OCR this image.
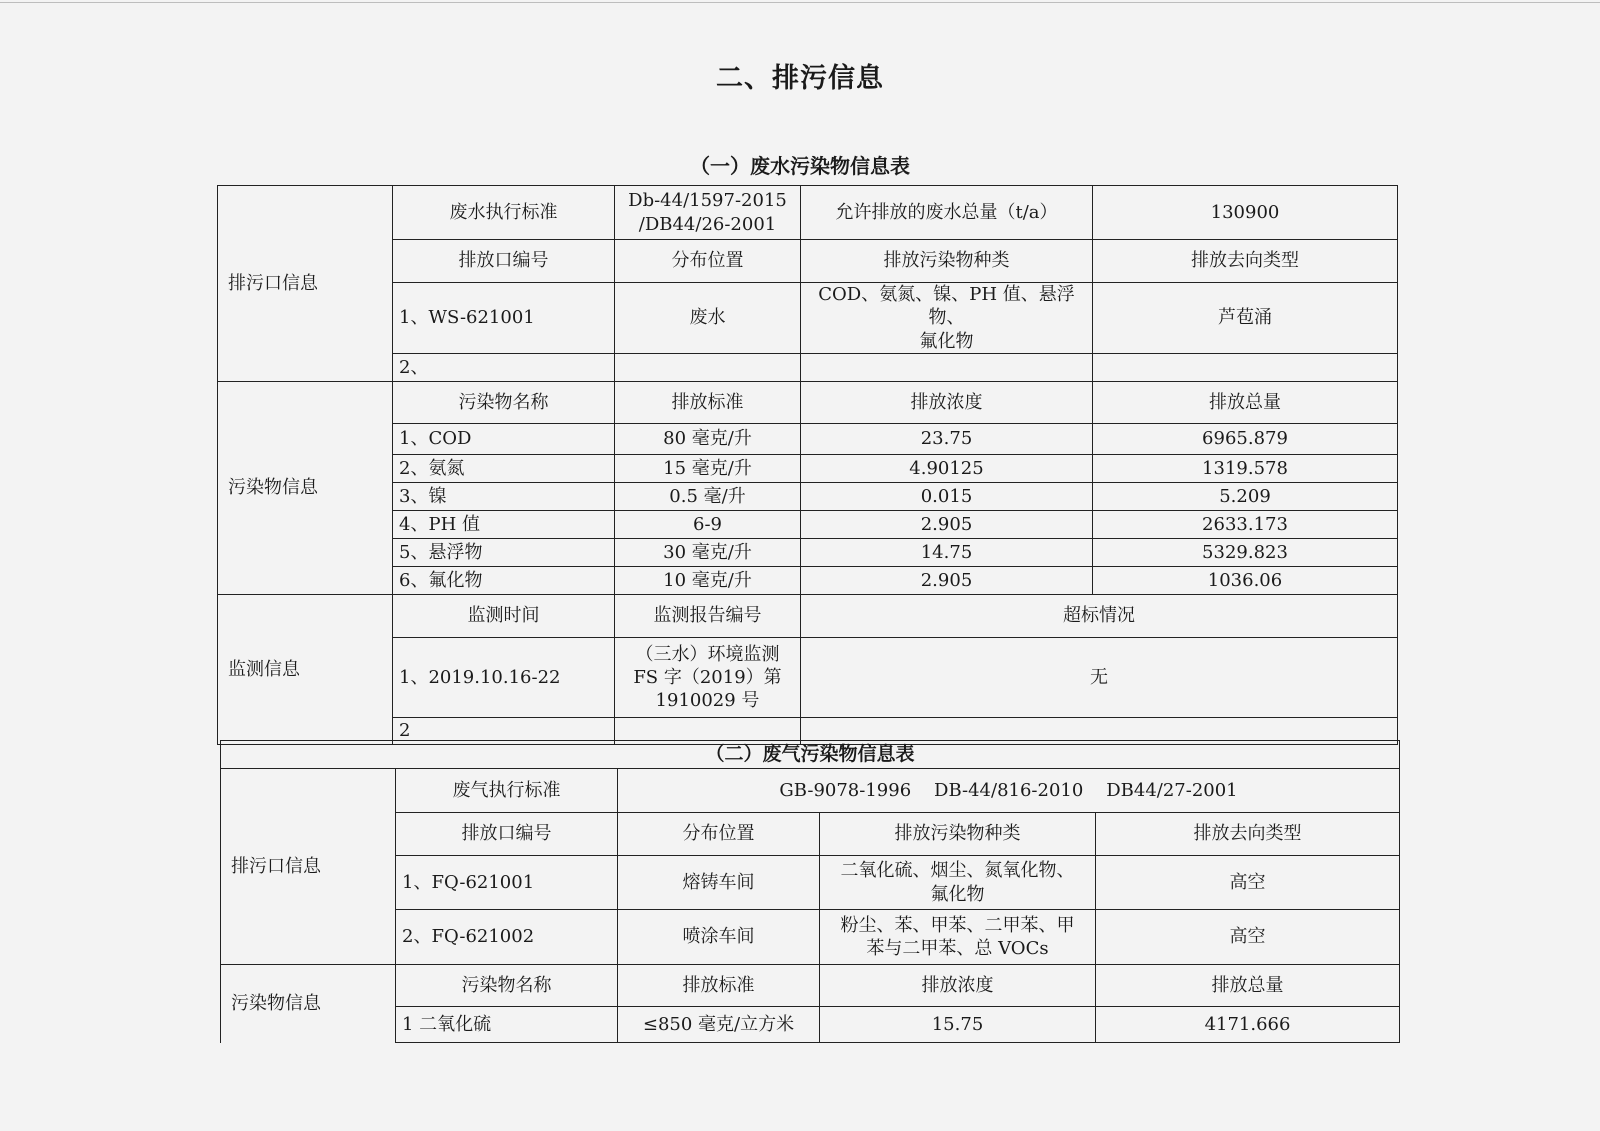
二、排污信息
（一）废水污染物信息表
排污口信息	废水执行标准	Db-44/1597-2015
/DB44/26-2001	允许排放的废水总量（t/a）	130900
	排放口编号	分布位置	排放污染物种类	排放去向类型
	1、WS-621001	废水	COD、氨氮、镍、PH 值、悬浮物、
氟化物	芦苞涌
	2、			
污染物信息	污染物名称	排放标准	排放浓度	排放总量
	1、COD	80 毫克/升	23.75	6965.879
	2、氨氮	15 毫克/升	4.90125	1319.578
	3、镍	0.5 毫/升	0.015	5.209
	4、PH 值	6-9	2.905	2633.173
	5、悬浮物	30 毫克/升	14.75	5329.823
	6、氟化物	10 毫克/升	2.905	1036.06
监测信息	监测时间	监测报告编号	超标情况	
	1、2019.10.16-22	（三水）环境监测
FS 字（2019）第
1910029 号	无	
	2			
（二）废气污染物信息表				
排污口信息	废气执行标准	GB-9078-1996    DB-44/816-2010    DB44/27-2001		
	排放口编号	分布位置	排放污染物种类	排放去向类型
	1、FQ-621001	熔铸车间	二氧化硫、烟尘、氮氧化物、
氟化物	高空
	2、FQ-621002	喷涂车间	粉尘、苯、甲苯、二甲苯、甲
苯与二甲苯、总 VOCs	高空
污染物信息	污染物名称	排放标准	排放浓度	排放总量
	1 二氧化硫	≤850 毫克/立方米	15.75	4171.666
